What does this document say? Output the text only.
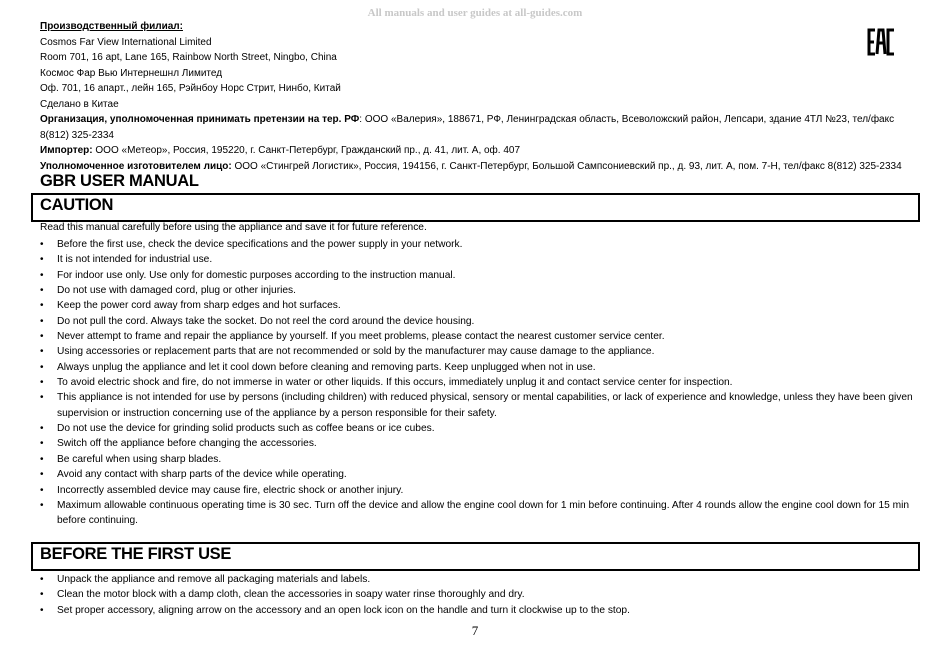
All manuals and user guides at all-guides.com
Производственный филиал:
Cosmos Far View International Limited
Room 701, 16 apt, Lane 165, Rainbow North Street, Ningbo, China
Космос Фар Вью Интернешнл Лимитед
Оф. 701, 16 апарт., лейн 165, Рэйнбоу Норс Стрит, Нинбо, Китай
Сделано в Китае
Организация, уполномоченная принимать претензии на тер. РФ: ООО «Валерия», 188671, РФ, Ленинградская область, Всеволожский район, Лепсари, здание 4ТЛ №23, тел/факс 8(812) 325-2334
Импортер: ООО «Метеор», Россия, 195220, г. Санкт-Петербург, Гражданский пр., д. 41, лит. А, оф. 407
Уполномоченное изготовителем лицо: ООО «Стингрей Логистик», Россия, 194156, г. Санкт-Петербург, Большой Сампсониевский пр., д. 93, лит. А, пом. 7-Н, тел/факс 8(812) 325-2334
GBR USER MANUAL
CAUTION
Read this manual carefully before using the appliance and save it for future reference.
• Before the first use, check the device specifications and the power supply in your network.
• It is not intended for industrial use.
• For indoor use only. Use only for domestic purposes according to the instruction manual.
• Do not use with damaged cord, plug or other injuries.
• Keep the power cord away from sharp edges and hot surfaces.
• Do not pull the cord. Always take the socket. Do not reel the cord around the device housing.
• Never attempt to frame and repair the appliance by yourself. If you meet problems, please contact the nearest customer service center.
• Using accessories or replacement parts that are not recommended or sold by the manufacturer may cause damage to the appliance.
• Always unplug the appliance and let it cool down before cleaning and removing parts. Keep unplugged when not in use.
• To avoid electric shock and fire, do not immerse in water or other liquids. If this occurs, immediately unplug it and contact service center for inspection.
• This appliance is not intended for use by persons (including children) with reduced physical, sensory or mental capabilities, or lack of experience and knowledge, unless they have been given supervision or instruction concerning use of the appliance by a person responsible for their safety.
• Do not use the device for grinding solid products such as coffee beans or ice cubes.
• Switch off the appliance before changing the accessories.
• Be careful when using sharp blades.
• Avoid any contact with sharp parts of the device while operating.
• Incorrectly assembled device may cause fire, electric shock or another injury.
• Maximum allowable continuous operating time is 30 sec. Turn off the device and allow the engine cool down for 1 min before continuing. After 4 rounds allow the engine cool down for 15 min before continuing.
BEFORE THE FIRST USE
• Unpack the appliance and remove all packaging materials and labels.
• Clean the motor block with a damp cloth, clean the accessories in soapy water rinse thoroughly and dry.
• Set proper accessory, aligning arrow on the accessory and an open lock icon on the handle and turn it clockwise up to the stop.
7
